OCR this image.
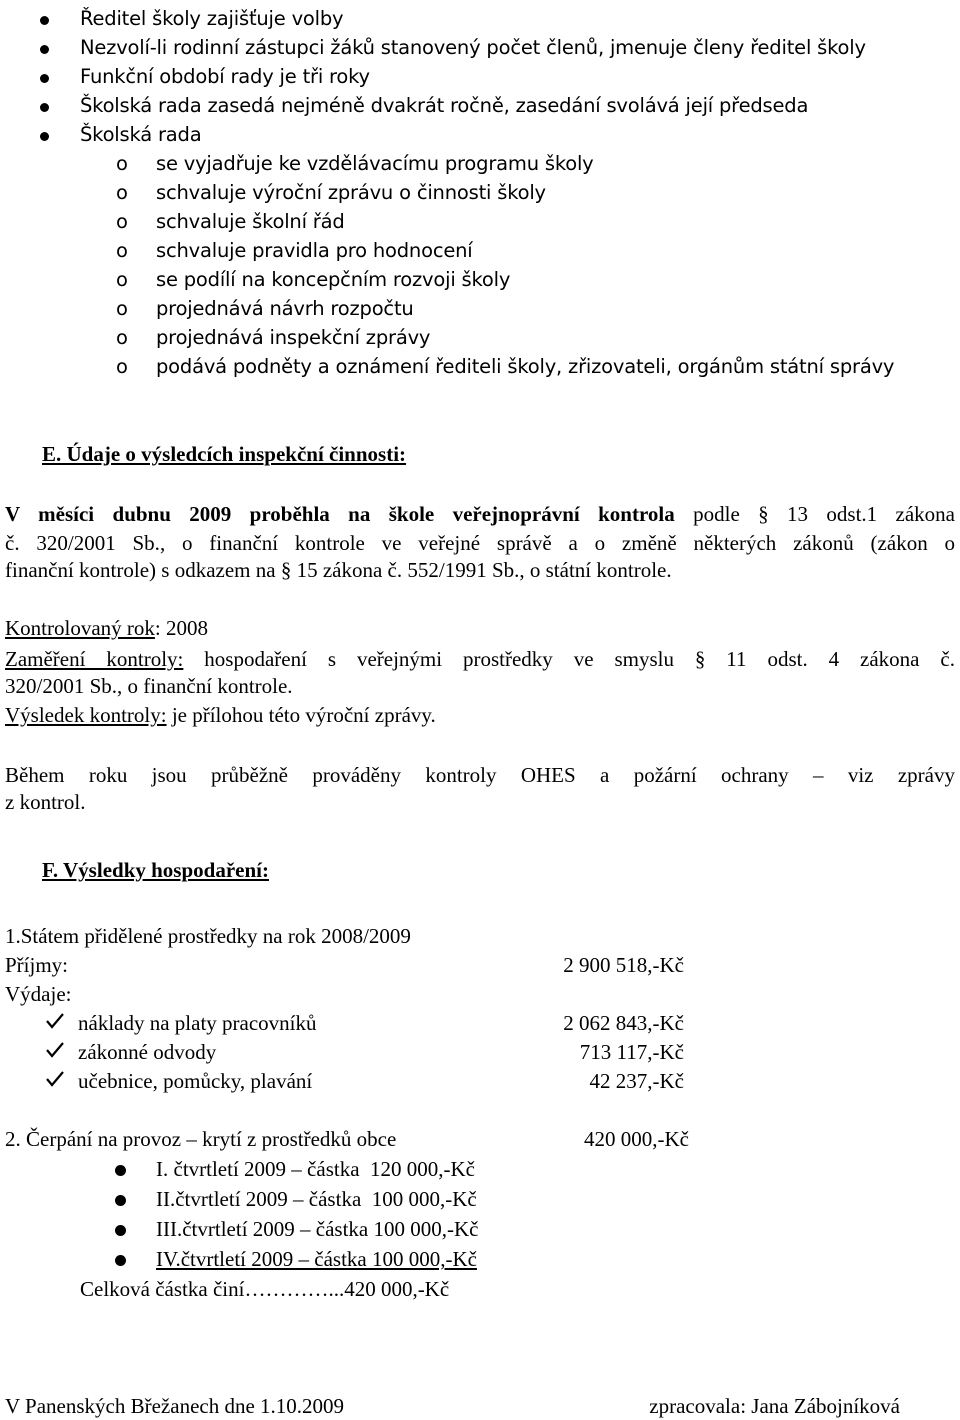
Ředitel školy zajišťuje volby
Nezvolí-li rodinní zástupci žáků stanovený počet členů, jmenuje členy ředitel školy
Funkční období rady je tři roky
Školská rada zasedá nejméně dvakrát ročně, zasedání svolává její předseda
Školská rada
o se vyjadřuje ke vzdělávacímu programu školy
o schvaluje výroční zprávu o činnosti školy
o schvaluje školní řád
o schvaluje pravidla pro hodnocení
o se podílí na koncepčním rozvoji školy
o projednává návrh rozpočtu
o projednává inspekční zprávy
o podává podněty a oznámení řediteli školy, zřizovateli, orgánům státní správy
E. Údaje o výsledcích inspekční činnosti:
V měsíci dubnu 2009 proběhla na škole veřejnoprávní kontrola podle § 13 odst.1 zákona
č. 320/2001 Sb., o finanční kontrole ve veřejné správě a o změně některých zákonů (zákon o
finanční kontrole) s odkazem na § 15 zákona č. 552/1991 Sb., o státní kontrole.
Kontrolovaný rok: 2008
Zaměření kontroly: hospodaření s veřejnými prostředky ve smyslu § 11 odst. 4 zákona č.
320/2001 Sb., o finanční kontrole.
Výsledek kontroly: je přílohou této výroční zprávy.
Během roku jsou průběžně prováděny kontroly OHES a požární ochrany – viz zprávy
z kontrol.
F. Výsledky hospodaření:
1.Státem přidělené prostředky na rok 2008/2009
Příjmy:	2 900 518,-Kč
Výdaje:
náklady na platy pracovníků	2 062 843,-Kč
zákonné odvody	713 117,-Kč
učebnice, pomůcky, plavání	42 237,-Kč
2. Čerpání na provoz – krytí z prostředků obce	420 000,-Kč
I. čtvrtletí 2009 – částka  120 000,-Kč
II.čtvrtletí 2009 – částka  100 000,-Kč
III.čtvrtletí 2009 – částka 100 000,-Kč
IV.čtvrtletí 2009 – částka 100 000,-Kč
Celková částka činí…………...420 000,-Kč
V Panenských Břežanech dne 1.10.2009	zpracovala: Jana Zábojníková
